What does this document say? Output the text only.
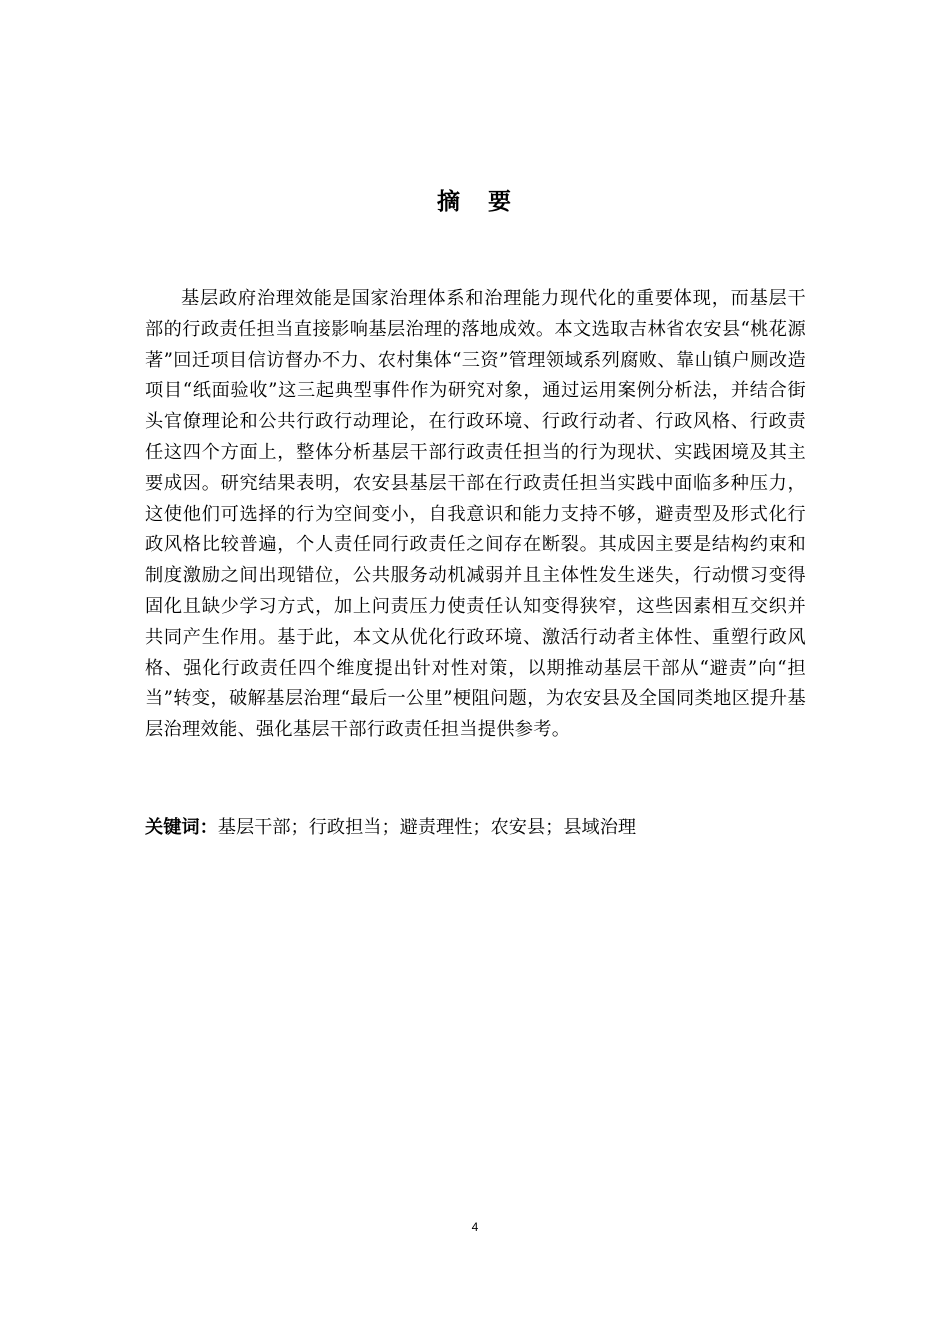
摘 要

基层政府治理效能是国家治理体系和治理能力现代化的重要体现，而基层干部的行政责任担当直接影响基层治理的落地成效。本文选取吉林省农安县“桃花源著”回迁项目信访督办不力、农村集体“三资”管理领域系列腐败、靠山镇户厕改造项目“纸面验收”这三起典型事件作为研究对象，通过运用案例分析法，并结合街头官僚理论和公共行政行动理论，在行政环境、行政行动者、行政风格、行政责任这四个方面上，整体分析基层干部行政责任担当的行为现状、实践困境及其主要成因。研究结果表明，农安县基层干部在行政责任担当实践中面临多种压力，这使他们可选择的行为空间变小，自我意识和能力支持不够，避责型及形式化行政风格比较普遍，个人责任同行政责任之间存在断裂。其成因主要是结构约束和制度激励之间出现错位，公共服务动机减弱并且主体性发生迷失，行动惯习变得固化且缺少学习方式，加上问责压力使责任认知变得狭窄，这些因素相互交织并共同产生作用。基于此，本文从优化行政环境、激活行动者主体性、重塑行政风格、强化行政责任四个维度提出针对性对策，以期推动基层干部从“避责”向“担当”转变，破解基层治理“最后一公里”梗阻问题，为农安县及全国同类地区提升基层治理效能、强化基层干部行政责任担当提供参考。

关键词：基层干部；行政担当；避责理性；农安县；县域治理

4
